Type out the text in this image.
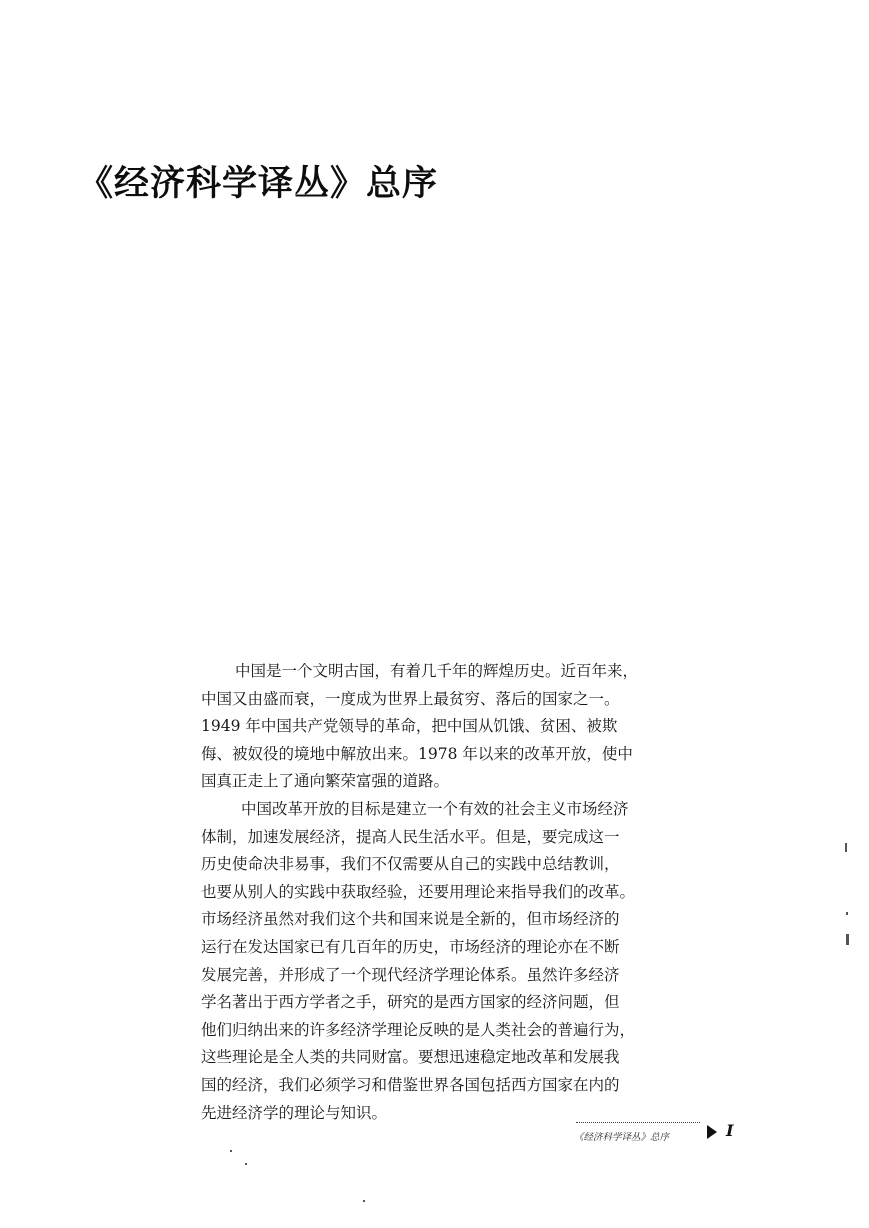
《经济科学译丛》总序
中国是一个文明古国，有着几千年的辉煌历史。近百年来，
中国又由盛而衰，一度成为世界上最贫穷、落后的国家之一。
1949 年中国共产党领导的革命，把中国从饥饿、贫困、被欺
侮、被奴役的境地中解放出来。1978 年以来的改革开放，使中
国真正走上了通向繁荣富强的道路。
中国改革开放的目标是建立一个有效的社会主义市场经济
体制，加速发展经济，提高人民生活水平。但是，要完成这一
历史使命决非易事，我们不仅需要从自己的实践中总结教训，
也要从别人的实践中获取经验，还要用理论来指导我们的改革。
市场经济虽然对我们这个共和国来说是全新的，但市场经济的
运行在发达国家已有几百年的历史，市场经济的理论亦在不断
发展完善，并形成了一个现代经济学理论体系。虽然许多经济
学名著出于西方学者之手，研究的是西方国家的经济问题，但
他们归纳出来的许多经济学理论反映的是人类社会的普遍行为，
这些理论是全人类的共同财富。要想迅速稳定地改革和发展我
国的经济，我们必须学习和借鉴世界各国包括西方国家在内的
先进经济学的理论与知识。
《经济科学译丛》总序	I
